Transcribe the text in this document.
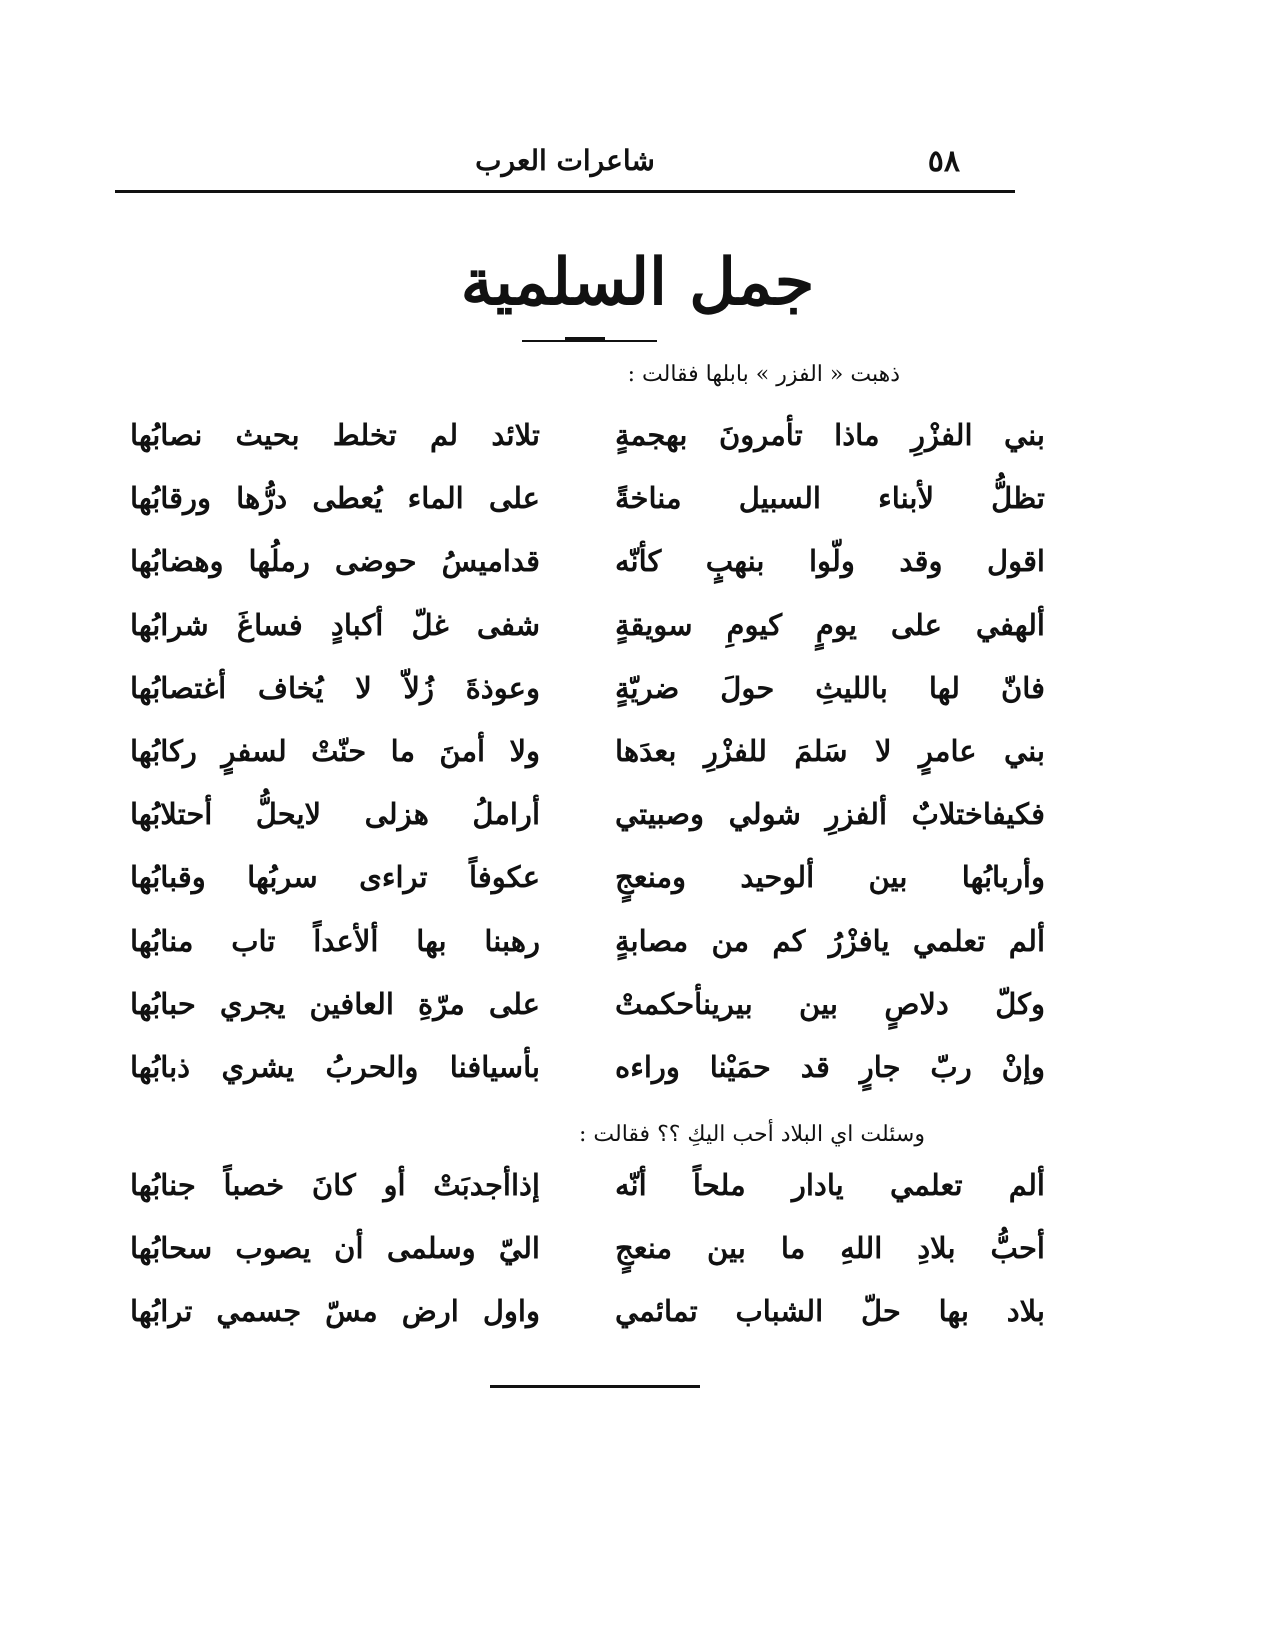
٥٨
شاعرات العرب
جمل السلمية
ذهبت « الفزر » بابلها فقالت :
بني الفزْرِ ماذا تأمرونَ بهجمةٍ
تلائد لم تخلط بحيث نصابُها
تظلُّ لأبناء السبيل مناخةً
على الماء يُعطى درُّها ورقابُها
اقول وقد ولّوا بنهبٍ كأنّه
قداميسُ حوضى رملُها وهضابُها
ألهفي على يومٍ كيومِ سويقةٍ
شفى غلّ أكبادٍ فساغَ شرابُها
فانّ لها بالليثِ حولَ ضريّةٍ
وعوذةَ زُلاّ لا يُخاف أغتصابُها
بني عامرٍ لا سَلمَ للفزْرِ بعدَها
ولا أمنَ ما حنّتْ لسفرٍ ركابُها
فكيفاختلابٌ ألفزرِ شولي وصبيتي
أراملُ هزلى لايحلُّ أحتلابُها
وأربابُها بين ألوحيد ومنعجٍ
عكوفاً تراءى سربُها وقبابُها
ألم تعلمي يافزْرُ كم من مصابةٍ
رهبنا بها ألأعداً تاب منابُها
وكلّ دلاصٍ بين بيرينأحكمتْ
على مرّةِ العافين يجري حبابُها
وإنْ ربّ جارٍ قد حمَيْنا وراءه
بأسيافنا والحربُ يشري ذبابُها
وسئلت اي البلاد أحب اليكِ ؟؟ فقالت :
ألم تعلمي يادار ملحاً أنّه
إذاأجدبَتْ أو كانَ خصباً جنابُها
أحبُّ بلادِ اللهِ ما بين منعجٍ
اليّ وسلمى أن يصوب سحابُها
بلاد بها حلّ الشباب تمائمي
واول ارض مسّ جسمي ترابُها
